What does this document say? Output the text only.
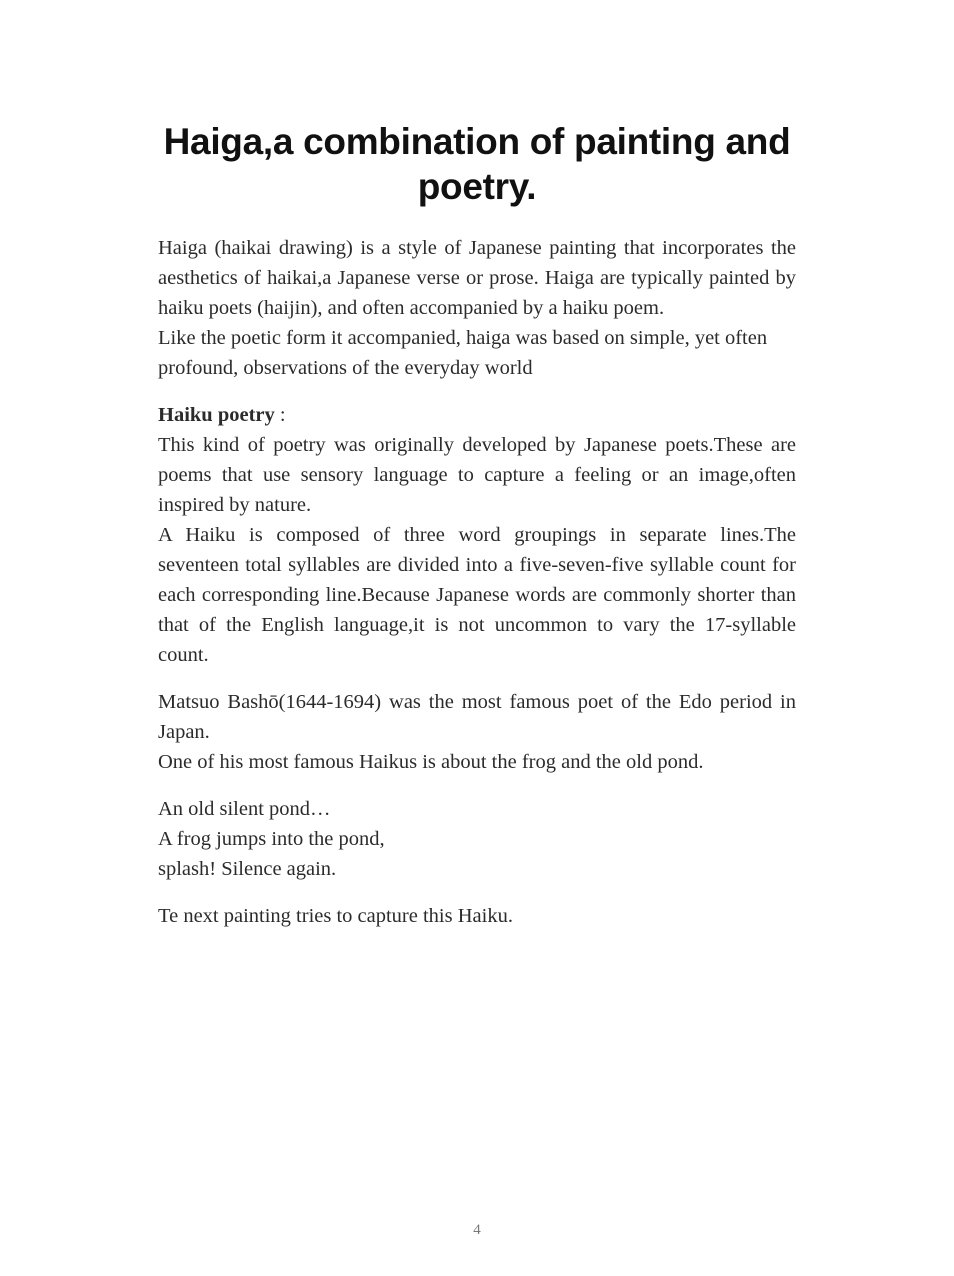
Haiga,a combination of painting and poetry.

Haiga (haikai drawing) is a style of Japanese painting that incorporates the aesthetics of haikai,a Japanese verse or prose. Haiga are typically painted by haiku poets (haijin), and often accompanied by a haiku poem.

Like the poetic form it accompanied, haiga was based on simple, yet often profound, observations of the everyday world

Haiku poetry :

This kind of poetry was originally developed by Japanese poets.These are poems that use sensory language to capture a feeling or an image,often inspired by nature.

A Haiku is composed of three word groupings in separate lines.The seventeen total syllables are divided into a five-seven-five syllable count for each corresponding line.Because Japanese words are commonly shorter than that of the English language,it is not uncommon to vary the 17-syllable count.

Matsuo Bashō(1644-1694) was the most famous poet of the Edo period in Japan.

One of his most famous Haikus is about the frog and the old pond.

An old silent pond…

A frog jumps into the pond,

splash! Silence again.

Te next painting tries to capture this Haiku.

4
